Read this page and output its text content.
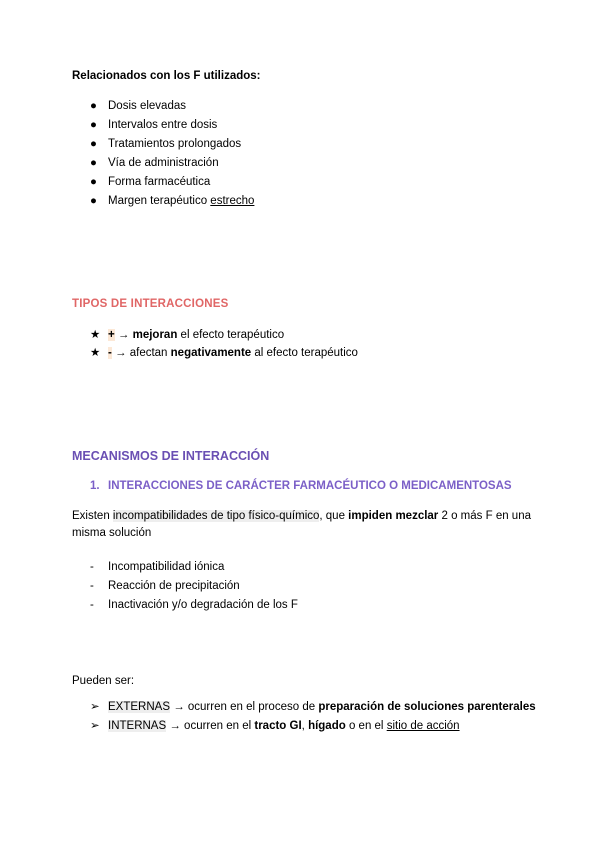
Relacionados con los F utilizados:
● Dosis elevadas
● Intervalos entre dosis
● Tratamientos prolongados
● Vía de administración
● Forma farmacéutica
● Margen terapéutico estrecho
TIPOS DE INTERACCIONES
★ + → mejoran el efecto terapéutico
★ - → afectan negativamente al efecto terapéutico
MECANISMOS DE INTERACCIÓN
1. INTERACCIONES DE CARÁCTER FARMACÉUTICO O MEDICAMENTOSAS
Existen incompatibilidades de tipo físico-químico, que impiden mezclar 2 o más F en una
misma solución
- Incompatibilidad iónica
- Reacción de precipitación
- Inactivación y/o degradación de los F
Pueden ser:
➢ EXTERNAS → ocurren en el proceso de preparación de soluciones parenterales
➢ INTERNAS → ocurren en el tracto GI, hígado o en el sitio de acción
